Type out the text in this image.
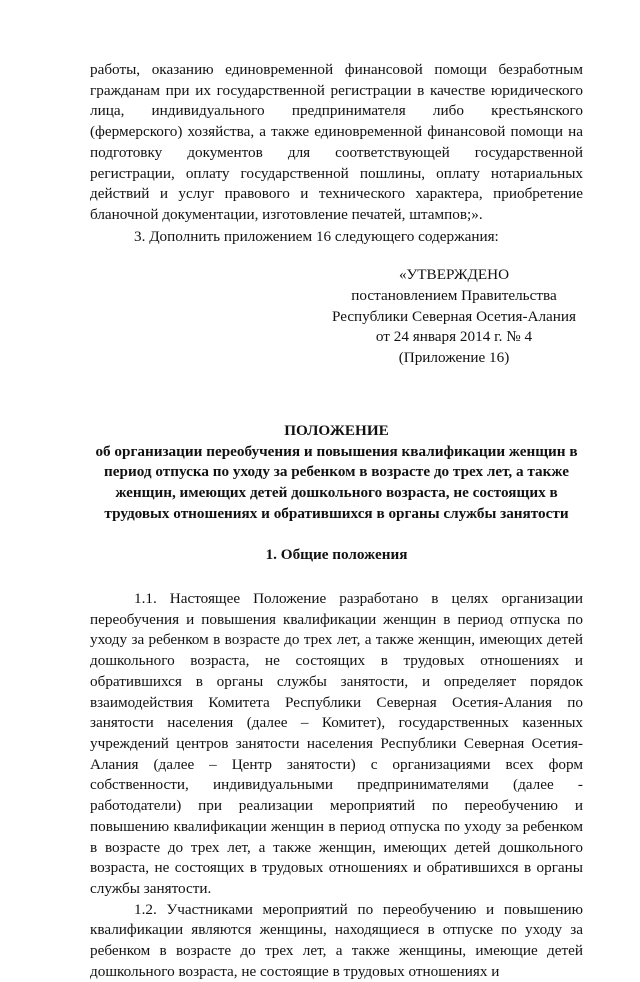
работы, оказанию единовременной финансовой помощи безработным гражданам при их государственной регистрации в качестве юридического лица, индивидуального предпринимателя либо крестьянского (фермерского) хозяйства, а также единовременной финансовой помощи на подготовку документов для соответствующей государственной регистрации, оплату государственной пошлины, оплату нотариальных действий и услуг правового и технического характера, приобретение бланочной документации, изготовление печатей, штампов;».

3. Дополнить приложением 16 следующего содержания:

«УТВЕРЖДЕНО
постановлением Правительства
Республики Северная Осетия-Алания
от 24 января 2014 г. № 4
(Приложение 16)
ПОЛОЖЕНИЕ
об организации переобучения и повышения квалификации женщин в
период отпуска по уходу за ребенком в возрасте до трех лет, а также
женщин, имеющих детей дошкольного возраста, не состоящих в
трудовых отношениях и обратившихся в органы службы занятости
1. Общие положения

1.1. Настоящее Положение разработано в целях организации переобучения и повышения квалификации женщин в период отпуска по уходу за ребенком в возрасте до трех лет, а также женщин, имеющих детей дошкольного возраста, не состоящих в трудовых отношениях и обратившихся в органы службы занятости, и определяет порядок взаимодействия Комитета Республики Северная Осетия-Алания по занятости населения (далее – Комитет), государственных казенных учреждений центров занятости населения Республики Северная Осетия-Алания (далее – Центр занятости) с организациями всех форм собственности, индивидуальными предпринимателями (далее - работодатели) при реализации мероприятий по переобучению и повышению квалификации женщин в период отпуска по уходу за ребенком в возрасте до трех лет, а также женщин, имеющих детей дошкольного возраста, не состоящих в трудовых отношениях и обратившихся в органы службы занятости.

1.2. Участниками мероприятий по переобучению и повышению квалификации являются женщины, находящиеся в отпуске по уходу за ребенком в возрасте до трех лет, а также женщины, имеющие детей дошкольного возраста, не состоящие в трудовых отношениях и
